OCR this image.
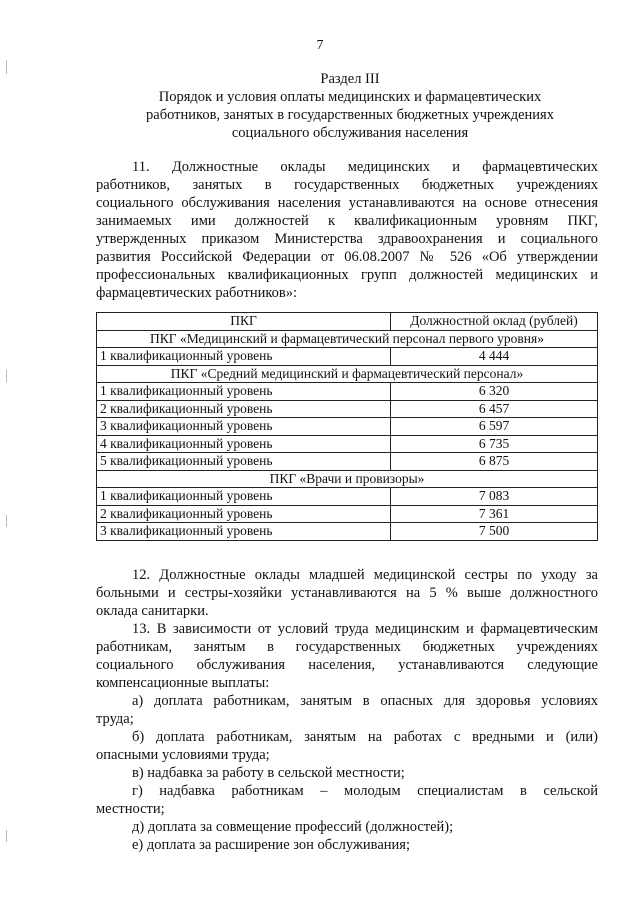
7
Раздел III
Порядок и условия оплаты медицинских и фармацевтических
работников, занятых в государственных бюджетных учреждениях
социального обслуживания населения
11. Должностные оклады медицинских и фармацевтических
работников, занятых в государственных бюджетных учреждениях
социального обслуживания населения устанавливаются на основе отнесения
занимаемых ими должностей к квалификационным уровням ПКГ,
утвержденных приказом Министерства здравоохранения и социального
развития Российской Федерации от 06.08.2007 № 526 «Об утверждении
профессиональных квалификационных групп должностей медицинских и
фармацевтических работников»:
ПКГ	Должностной оклад (рублей)
ПКГ «Медицинский и фармацевтический персонал первого уровня»	
1 квалификационный уровень	4 444
ПКГ «Средний медицинский и фармацевтический персонал»	
1 квалификационный уровень	6 320
2 квалификационный уровень	6 457
3 квалификационный уровень	6 597
4 квалификационный уровень	6 735
5 квалификационный уровень	6 875
ПКГ «Врачи и провизоры»	
1 квалификационный уровень	7 083
2 квалификационный уровень	7 361
3 квалификационный уровень	7 500
12. Должностные оклады младшей медицинской сестры по уходу за
больными и сестры-хозяйки устанавливаются на 5 % выше должностного
оклада санитарки.
13. В зависимости от условий труда медицинским и фармацевтическим
работникам, занятым в государственных бюджетных учреждениях
социального обслуживания населения, устанавливаются следующие
компенсационные выплаты:
а) доплата работникам, занятым в опасных для здоровья условиях
труда;
б) доплата работникам, занятым на работах с вредными и (или)
опасными условиями труда;
в) надбавка за работу в сельской местности;
г) надбавка работникам – молодым специалистам в сельской
местности;
д) доплата за совмещение профессий (должностей);
е) доплата за расширение зон обслуживания;
